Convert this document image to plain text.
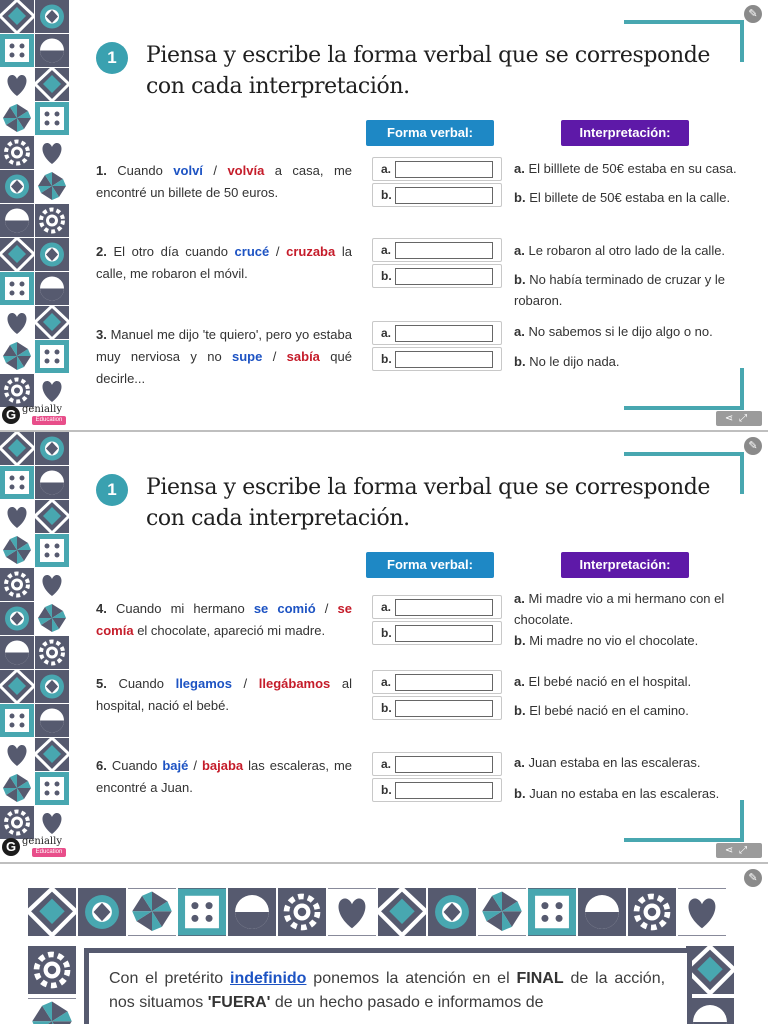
✎
⋖⤢
G genially
Education
1	Piensa y escribe la forma verbal que se corresponde con cada interpretación.
Forma verbal:	Interpretación:
1. Cuando volví / volvía a casa, me encontré un billete de 50 euros.
a.
b.
a. El billlete de 50€ estaba en su casa.
b. El billete de 50€ estaba en la calle.
2. El otro día cuando crucé / cruzaba la calle, me robaron el móvil.
a.
b.
a. Le robaron al otro lado de la calle.
b. No había terminado de cruzar y le robaron.
3. Manuel me dijo 'te quiero', pero yo estaba muy nerviosa y no supe / sabía qué decirle...
a.
b.
a. No sabemos si le dijo algo o no.
b. No le dijo nada.
✎
⋖⤢
G genially
Education
1	Piensa y escribe la forma verbal que se corresponde con cada interpretación.
Forma verbal:	Interpretación:
4. Cuando mi hermano se comió / se comía el chocolate, apareció mi madre.
a.
b.
a. Mi madre vio a mi hermano con el chocolate.
b. Mi madre no vio el chocolate.
5. Cuando llegamos / llegábamos al hospital, nació el bebé.
a.
b.
a. El bebé nació en el hospital.
b. El bebé nació en el camino.
6. Cuando bajé / bajaba las escaleras, me encontré a Juan.
a.
b.
a. Juan estaba en las escaleras.
b. Juan no estaba en las escaleras.
✎
Con el pretérito indefinido ponemos la atención en el FINAL de la acción, nos situamos 'FUERA' de un hecho pasado e informamos de
